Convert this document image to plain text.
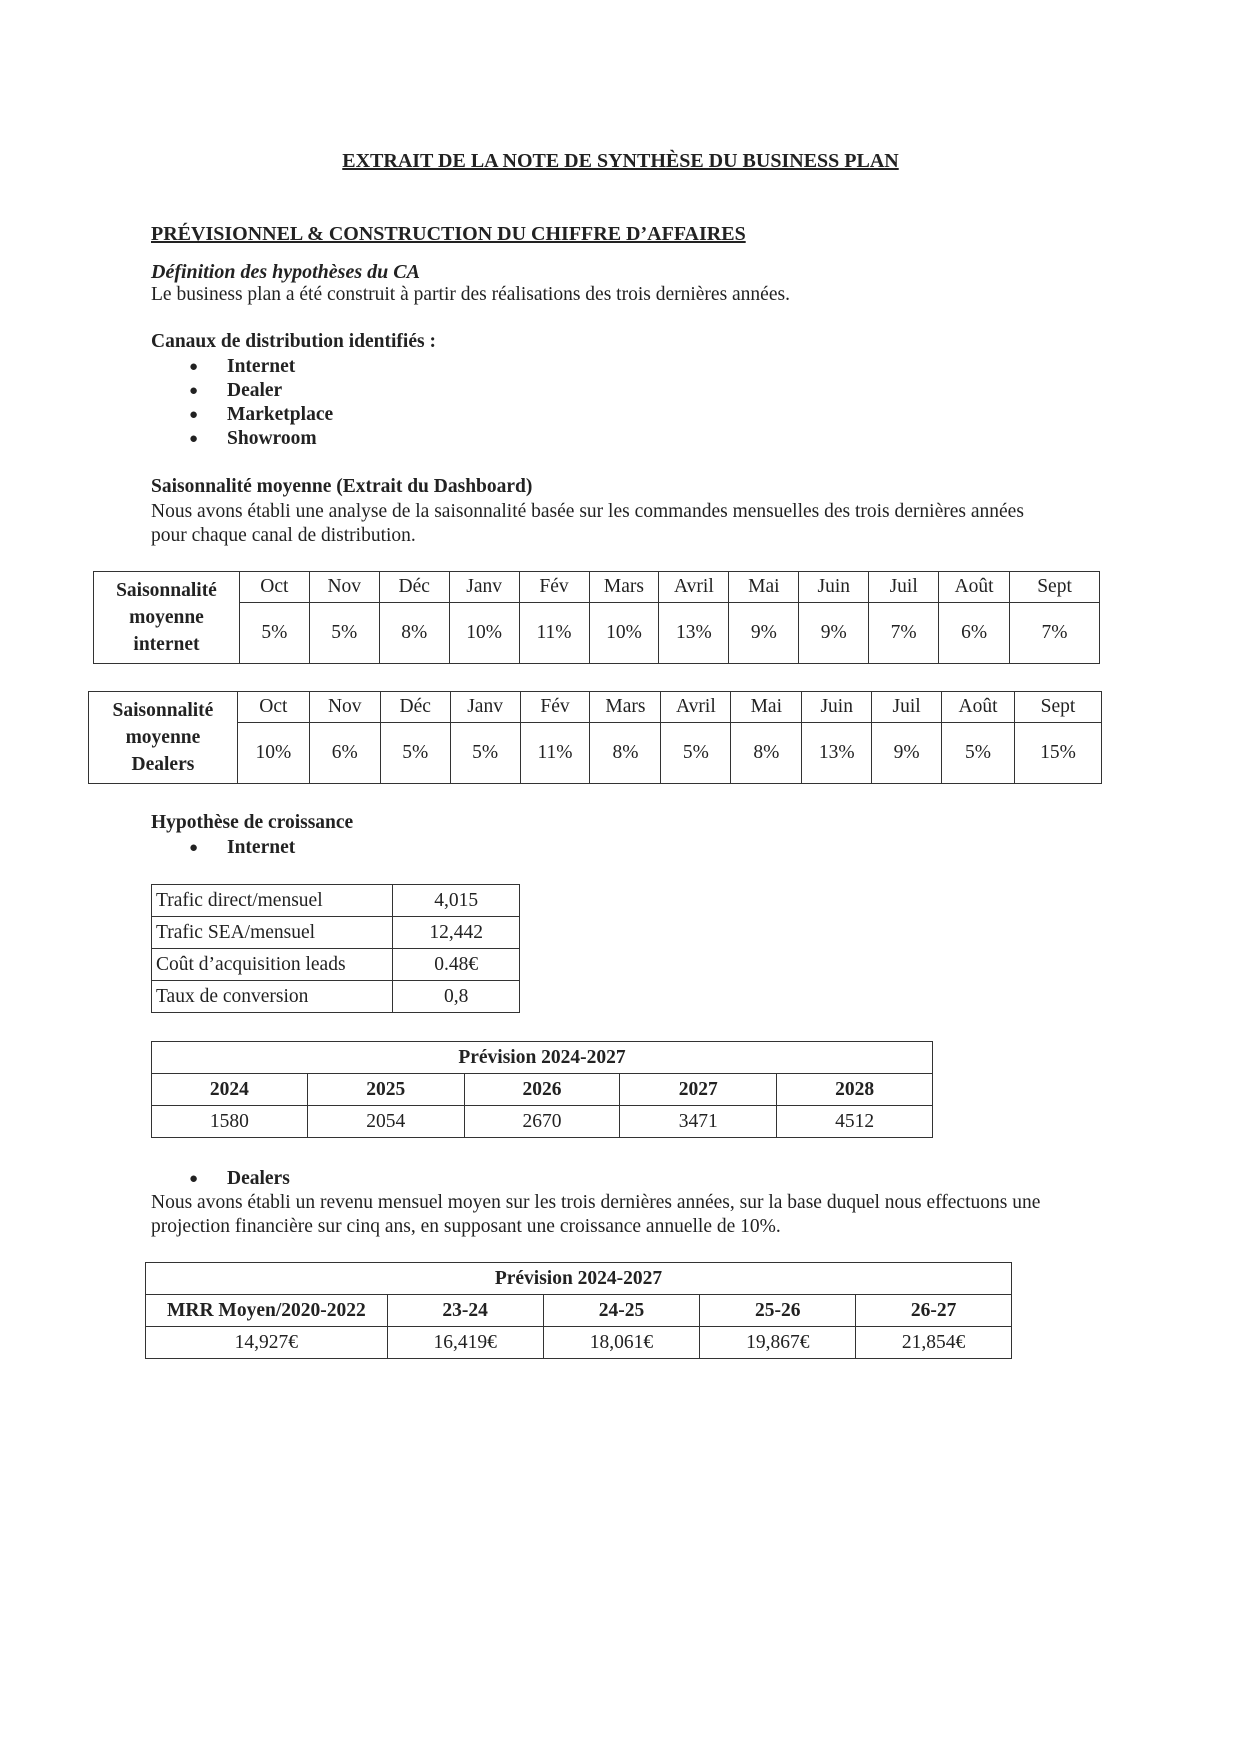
EXTRAIT DE LA NOTE DE SYNTHÈSE DU BUSINESS PLAN
PRÉVISIONNEL & CONSTRUCTION DU CHIFFRE D’AFFAIRES
Définition des hypothèses du CA
Le business plan a été construit à partir des réalisations des trois dernières années.
Canaux de distribution identifiés :
● Internet
● Dealer
● Marketplace
● Showroom
Saisonnalité moyenne (Extrait du Dashboard)
Nous avons établi une analyse de la saisonnalité basée sur les commandes mensuelles des trois dernières années
pour chaque canal de distribution.
Saisonnalité
moyenne
internet	Oct	Nov	Déc	Janv	Fév	Mars	Avril	Mai	Juin	Juil	Août	Sept
	5%	5%	8%	10%	11%	10%	13%	9%	9%	7%	6%	7%
Saisonnalité
moyenne
Dealers	Oct	Nov	Déc	Janv	Fév	Mars	Avril	Mai	Juin	Juil	Août	Sept
	10%	6%	5%	5%	11%	8%	5%	8%	13%	9%	5%	15%
Hypothèse de croissance
● Internet
Trafic direct/mensuel	4,015
Trafic SEA/mensuel	12,442
Coût d’acquisition leads	0.48€
Taux de conversion	0,8
Prévision 2024-2027				
2024	2025	2026	2027	2028
1580	2054	2670	3471	4512
● Dealers
Nous avons établi un revenu mensuel moyen sur les trois dernières années, sur la base duquel nous effectuons une
projection financière sur cinq ans, en supposant une croissance annuelle de 10%.
Prévision 2024-2027				
MRR Moyen/2020-2022	23-24	24-25	25-26	26-27
14,927€	16,419€	18,061€	19,867€	21,854€
